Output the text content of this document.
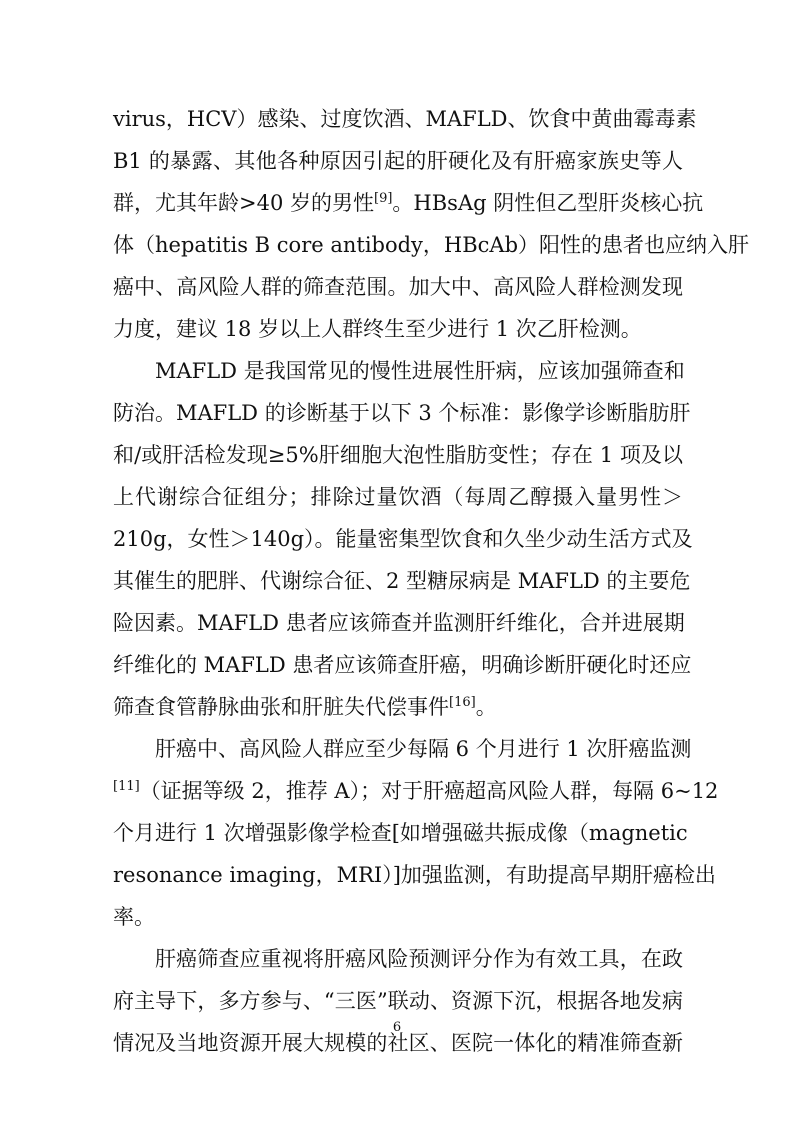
virus，HCV）感染、过度饮酒、MAFLD、饮食中黄曲霉毒素
B1 的暴露、其他各种原因引起的肝硬化及有肝癌家族史等人
群，尤其年龄>40 岁的男性[9]。HBsAg 阴性但乙型肝炎核心抗
体（hepatitis B core antibody，HBcAb）阳性的患者也应纳入肝
癌中、高风险人群的筛查范围。加大中、高风险人群检测发现
力度，建议 18 岁以上人群终生至少进行 1 次乙肝检测。
MAFLD 是我国常见的慢性进展性肝病，应该加强筛查和
防治。MAFLD 的诊断基于以下 3 个标准：影像学诊断脂肪肝
和/或肝活检发现≥5%肝细胞大泡性脂肪变性；存在 1 项及以
上代谢综合征组分；排除过量饮酒（每周乙醇摄入量男性＞
210g，女性＞140g）。能量密集型饮食和久坐少动生活方式及
其催生的肥胖、代谢综合征、2 型糖尿病是 MAFLD 的主要危
险因素。MAFLD 患者应该筛查并监测肝纤维化，合并进展期
纤维化的 MAFLD 患者应该筛查肝癌，明确诊断肝硬化时还应
筛查食管静脉曲张和肝脏失代偿事件[16]。
肝癌中、高风险人群应至少每隔 6 个月进行 1 次肝癌监测
[11]（证据等级 2，推荐 A）；对于肝癌超高风险人群，每隔 6~12
个月进行 1 次增强影像学检查[如增强磁共振成像（magnetic
resonance imaging，MRI）]加强监测，有助提高早期肝癌检出
率。
肝癌筛查应重视将肝癌风险预测评分作为有效工具，在政
府主导下，多方参与、“三医”联动、资源下沉，根据各地发病
情况及当地资源开展大规模的社区、医院一体化的精准筛查新
6
